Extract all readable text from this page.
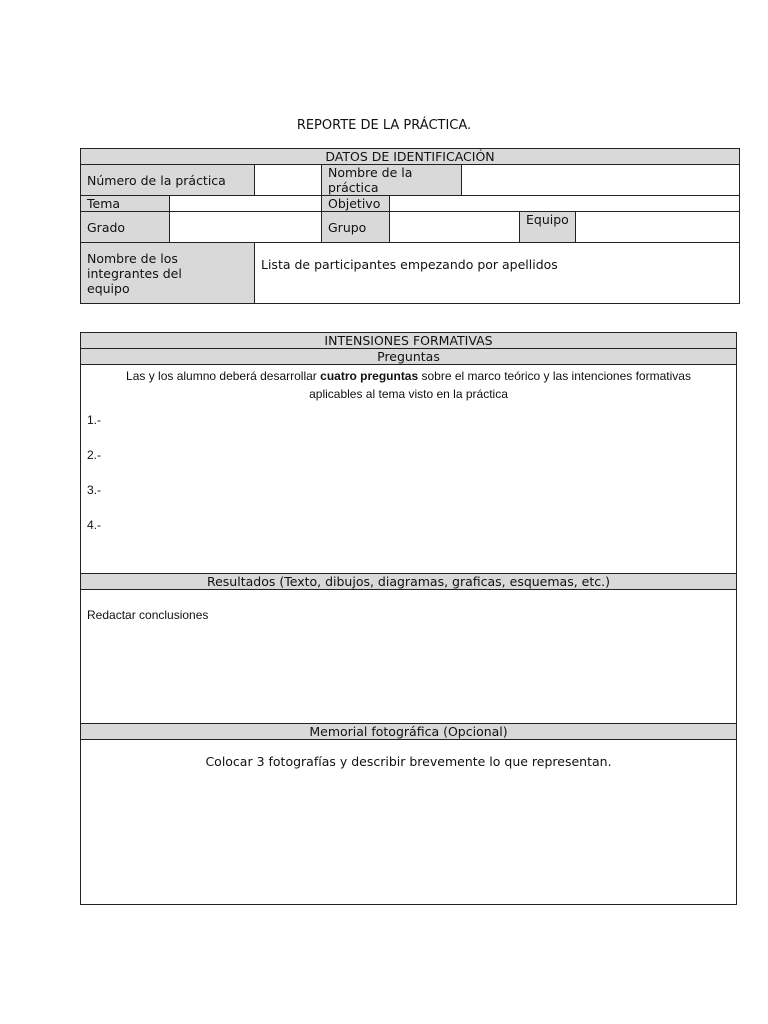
REPORTE DE LA PRÁCTICA.
DATOS DE IDENTIFICACIÓN							
Número de la práctica			Nombre de la práctica				
Tema			Objetivo				
Grado			Grupo			Equipo	

Nombre de los integrantes del equipo		Lista de participantes empezando por apellidos					
INTENSIONES FORMATIVAS
Preguntas

Las y los alumno deberá desarrollar cuatro preguntas sobre el marco teórico y las intenciones formativas aplicables al tema visto en la práctica
1.-
2.-
3.-
4.-

Resultados (Texto, dibujos, diagramas, graficas, esquemas, etc.)
Redactar conclusiones
Memorial fotográfica (Opcional)
Colocar 3 fotografías y describir brevemente lo que representan.
